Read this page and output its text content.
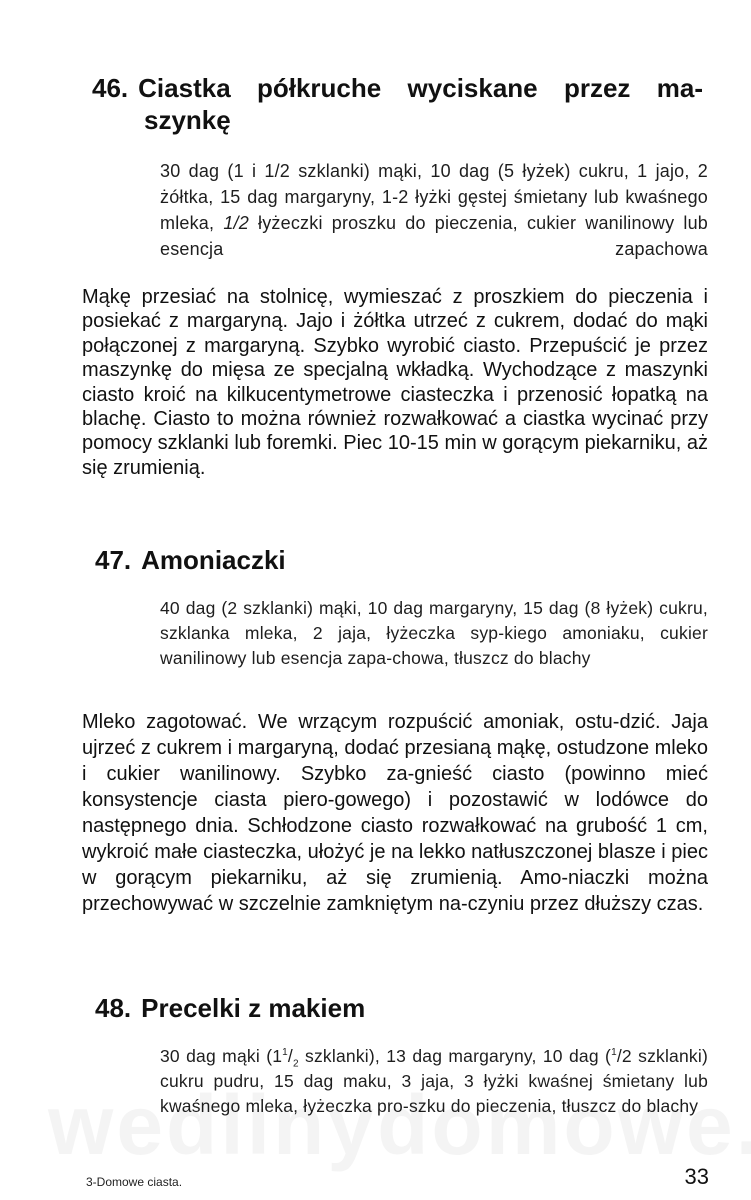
46. Ciastka półkruche wyciskane przez ma-
szynkę

30 dag (1 i 1/2 szklanki) mąki, 10 dag (5 łyżek) cukru, 1 jajo, 2 żółtka, 15 dag margaryny, 1-2 łyżki gęstej śmietany lub kwaśnego mleka, 1/2 łyżeczki proszku do pieczenia, cukier wanilinowy lub esencja zapachowa

Mąkę przesiać na stolnicę, wymieszać z proszkiem do pieczenia i posiekać z margaryną. Jajo i żółtka utrzeć z cukrem, dodać do mąki połączonej z margaryną. Szybko wyrobić ciasto. Przepuścić je przez maszynkę do mięsa ze specjalną wkładką. Wychodzące z maszynki ciasto kroić na kilkucentymetrowe ciasteczka i przenosić łopatką na blachę. Ciasto to można również rozwałkować a ciastka wycinać przy pomocy szklanki lub foremki. Piec 10-15 min w gorącym piekarniku, aż się zrumienią.

47. Amoniaczki

40 dag (2 szklanki) mąki, 10 dag margaryny, 15 dag (8 łyżek) cukru, szklanka mleka, 2 jaja, łyżeczka syp-kiego amoniaku, cukier wanilinowy lub esencja zapa-chowa, tłuszcz do blachy

Mleko zagotować. We wrzącym rozpuścić amoniak, ostu-dzić. Jaja ujrzeć z cukrem i margaryną, dodać przesianą mąkę, ostudzone mleko i cukier wanilinowy. Szybko za-gnieść ciasto (powinno mieć konsystencje ciasta piero-gowego) i pozostawić w lodówce do następnego dnia. Schłodzone ciasto rozwałkować na grubość 1 cm, wykroić małe ciasteczka, ułożyć je na lekko natłuszczonej blasze i piec w gorącym piekarniku, aż się zrumienią. Amo-niaczki można przechowywać w szczelnie zamkniętym na-czyniu przez dłuższy czas.

48. Precelki z makiem

30 dag mąki ($1^1/_2$ szklanki), 13 dag margaryny, 10 dag ($^1$/2 szklanki) cukru pudru, 15 dag maku, 3 jaja, 3 łyżki kwaśnej śmietany lub kwaśnego mleka, łyżeczka pro-szku do pieczenia, tłuszcz do blachy

3-Domowe ciasta.	33
